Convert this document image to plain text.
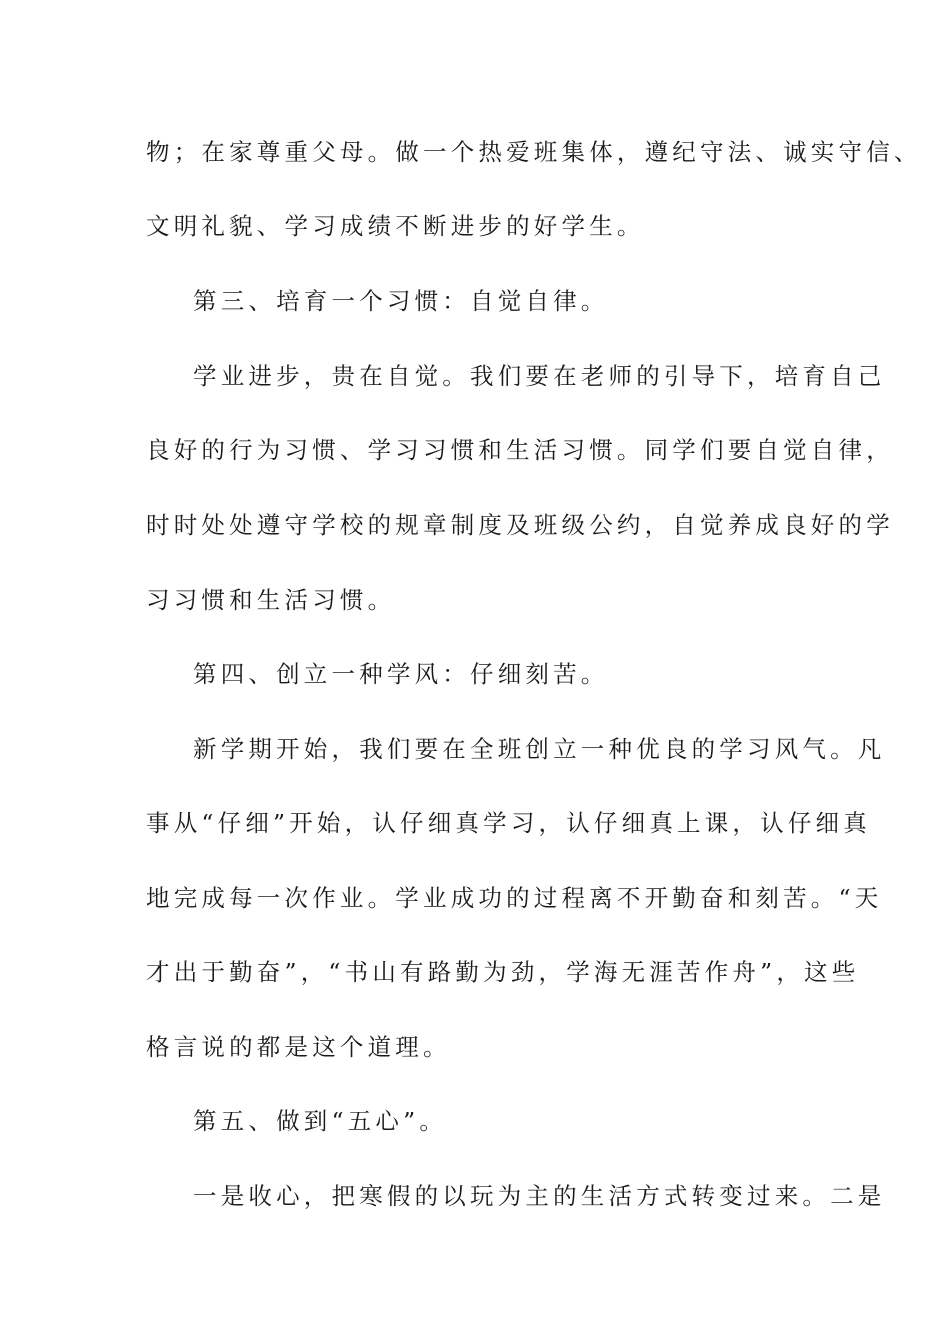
物；在家尊重父母。做一个热爱班集体，遵纪守法、诚实守信、
文明礼貌、学习成绩不断进步的好学生。
第三、培育一个习惯：自觉自律。
学业进步，贵在自觉。我们要在老师的引导下，培育自己
良好的行为习惯、学习习惯和生活习惯。同学们要自觉自律，
时时处处遵守学校的规章制度及班级公约，自觉养成良好的学
习习惯和生活习惯。
第四、创立一种学风：仔细刻苦。
新学期开始，我们要在全班创立一种优良的学习风气。凡
事从“仔细”开始，认仔细真学习，认仔细真上课，认仔细真
地完成每一次作业。学业成功的过程离不开勤奋和刻苦。“天
才出于勤奋”，“书山有路勤为劲，学海无涯苦作舟”，这些
格言说的都是这个道理。
第五、做到“五心”。
一是收心，把寒假的以玩为主的生活方式转变过来。二是
